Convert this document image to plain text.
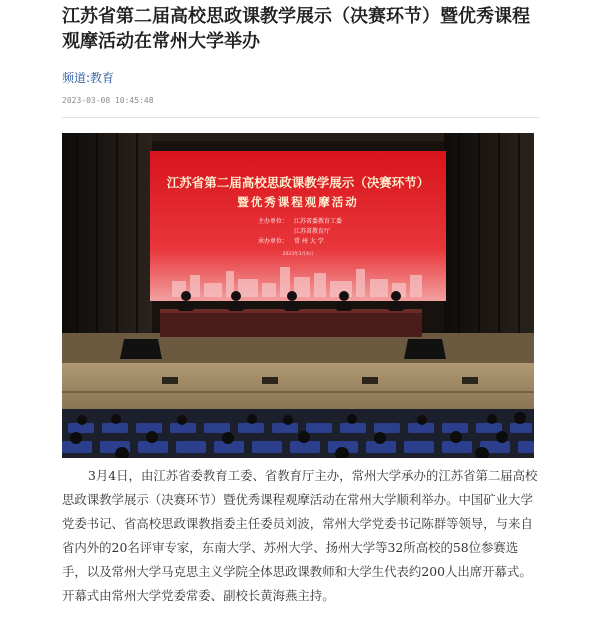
江苏省第二届高校思政课教学展示（决赛环节）暨优秀课程观摩活动在常州大学举办
频道:教育
2023-03-08 10:45:48
江苏省第二届高校思政课教学展示（决赛环节）
暨优秀课程观摩活动
主办单位： 江苏省委教育工委
江苏省教育厅
承办单位： 常 州 大 学
2023年3月4日

3月4日，由江苏省委教育工委、省教育厅主办，常州大学承办的江苏省第二届高校思政课教学展示（决赛环节）暨优秀课程观摩活动在常州大学顺利举办。中国矿业大学党委书记、省高校思政课教指委主任委员刘波，常州大学党委书记陈群等领导，与来自省内外的20名评审专家，东南大学、苏州大学、扬州大学等32所高校的58位参赛选手，以及常州大学马克思主义学院全体思政课教师和大学生代表约200人出席开幕式。开幕式由常州大学党委常委、副校长黄海燕主持。
